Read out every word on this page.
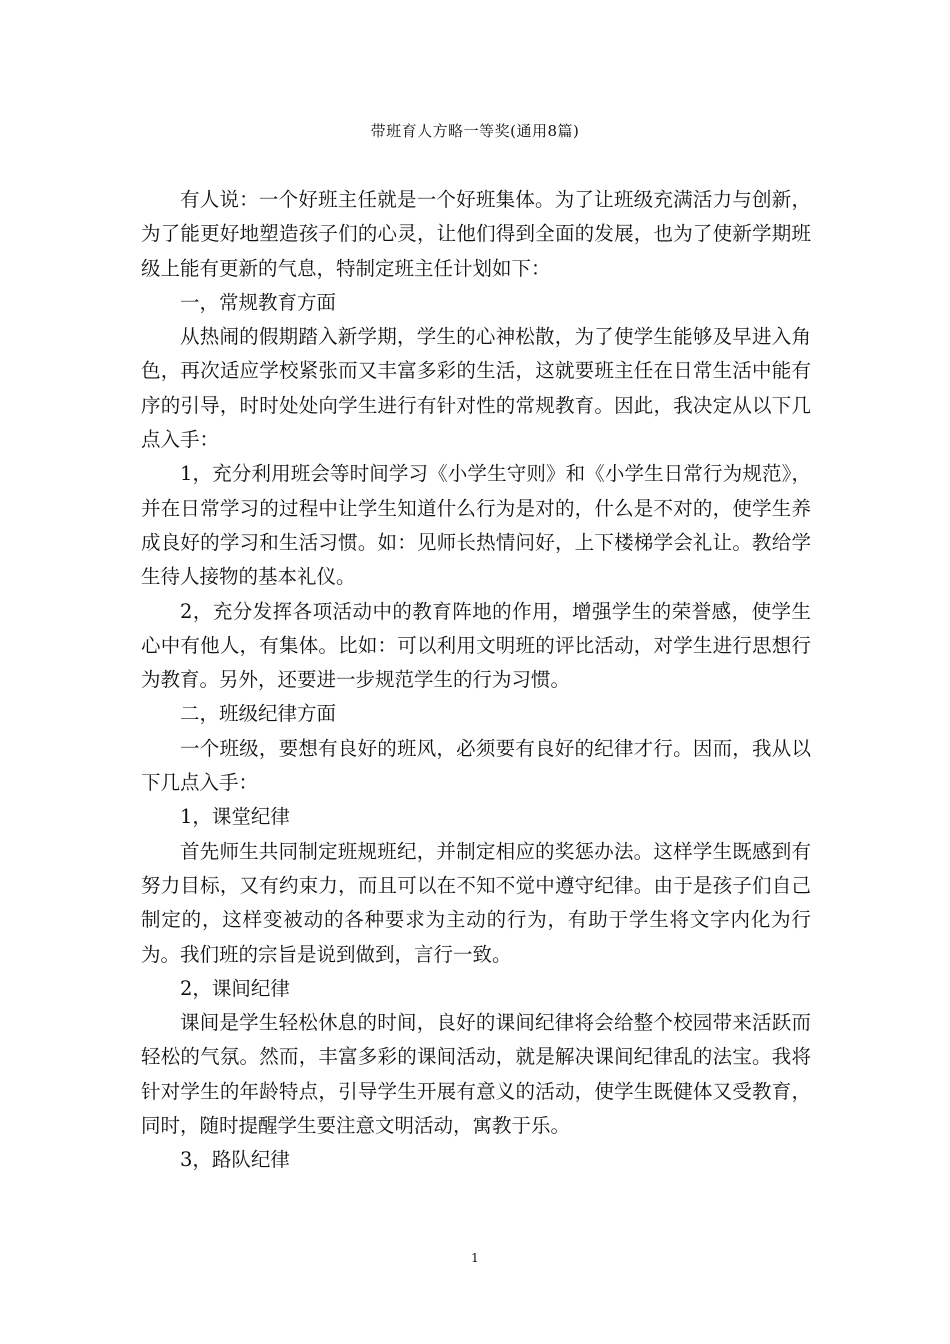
带班育人方略一等奖(通用8篇)

有人说：一个好班主任就是一个好班集体。为了让班级充满活力与创新，为了能更好地塑造孩子们的心灵，让他们得到全面的发展，也为了使新学期班级上能有更新的气息，特制定班主任计划如下：

一，常规教育方面

从热闹的假期踏入新学期，学生的心神松散，为了使学生能够及早进入角色，再次适应学校紧张而又丰富多彩的生活，这就要班主任在日常生活中能有序的引导，时时处处向学生进行有针对性的常规教育。因此，我决定从以下几点入手：

1，充分利用班会等时间学习《小学生守则》和《小学生日常行为规范》，并在日常学习的过程中让学生知道什么行为是对的，什么是不对的，使学生养成良好的学习和生活习惯。如：见师长热情问好，上下楼梯学会礼让。教给学生待人接物的基本礼仪。

2，充分发挥各项活动中的教育阵地的作用，增强学生的荣誉感，使学生心中有他人，有集体。比如：可以利用文明班的评比活动，对学生进行思想行为教育。另外，还要进一步规范学生的行为习惯。

二，班级纪律方面

一个班级，要想有良好的班风，必须要有良好的纪律才行。因而，我从以下几点入手：

1，课堂纪律

首先师生共同制定班规班纪，并制定相应的奖惩办法。这样学生既感到有努力目标，又有约束力，而且可以在不知不觉中遵守纪律。由于是孩子们自己制定的，这样变被动的各种要求为主动的行为，有助于学生将文字内化为行为。我们班的宗旨是说到做到，言行一致。

2，课间纪律

课间是学生轻松休息的时间，良好的课间纪律将会给整个校园带来活跃而轻松的气氛。然而，丰富多彩的课间活动，就是解决课间纪律乱的法宝。我将针对学生的年龄特点，引导学生开展有意义的活动，使学生既健体又受教育，同时，随时提醒学生要注意文明活动，寓教于乐。

3，路队纪律

1
